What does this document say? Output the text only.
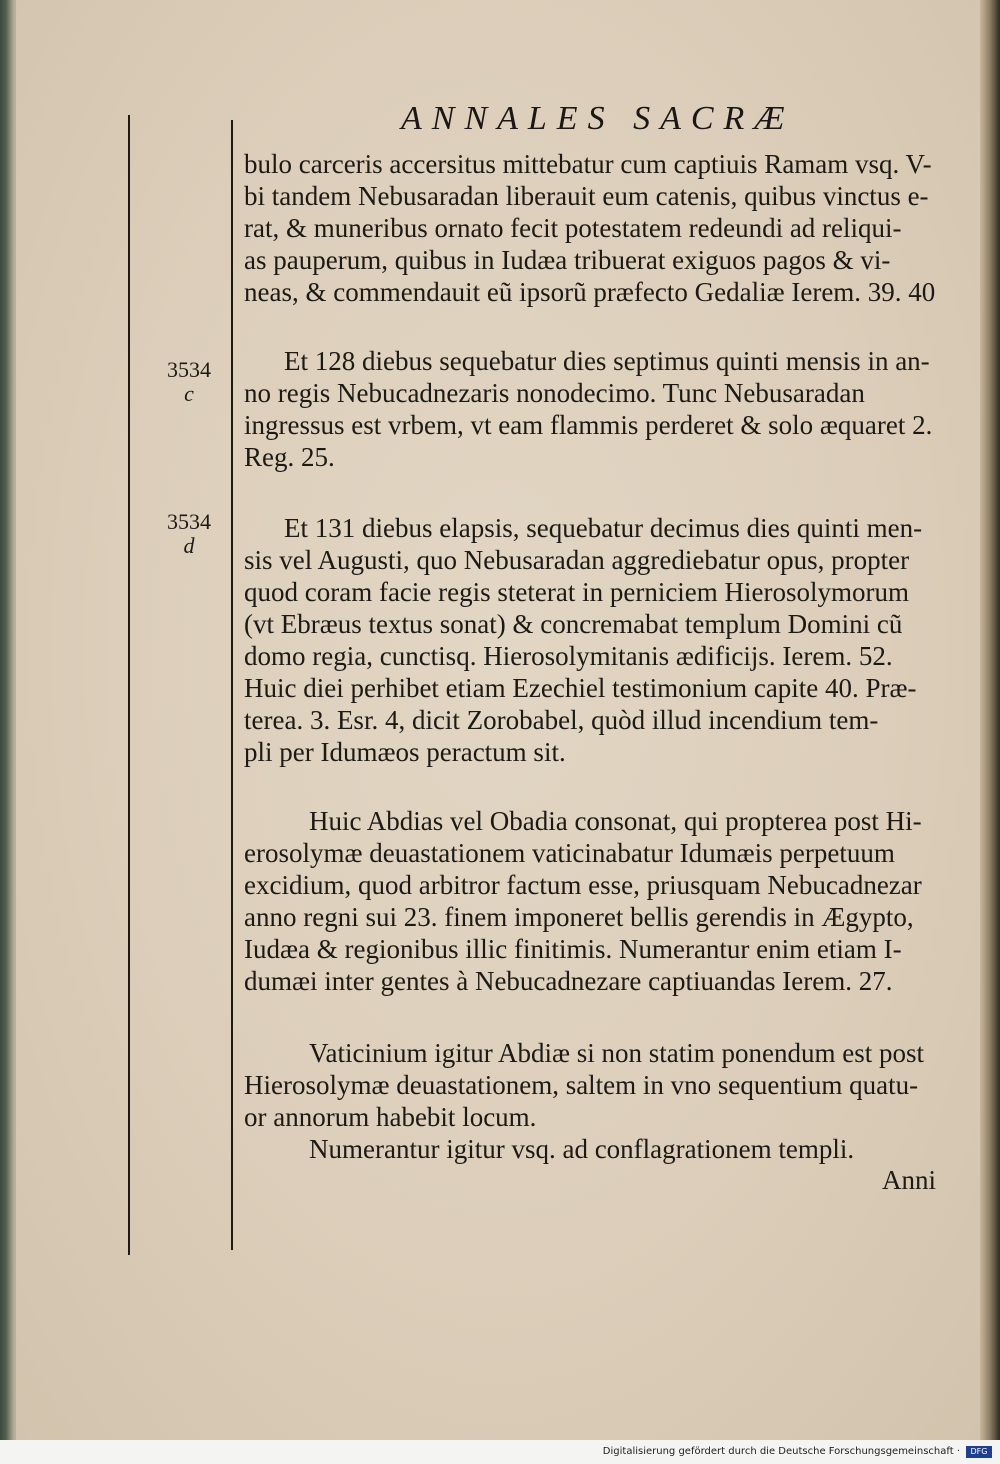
ANNALES SACRÆ
bulo carceris accersitus mittebatur cum captiuis Ramam vsq. V-
bi tandem Nebusaradan liberauit eum catenis, quibus vinctus e-
rat, & muneribus ornato fecit potestatem redeundi ad reliqui-
as pauperum, quibus in Iudæa tribuerat exiguos pagos & vi-
neas, & commendauit eũ ipsorũ præfecto Gedaliæ Ierem. 39. 40
3534
c
Et 128 diebus sequebatur dies septimus quinti mensis in an-
no regis Nebucadnezaris nonodecimo. Tunc Nebusaradan
ingressus est vrbem, vt eam flammis perderet & solo æquaret 2.
Reg. 25.
3534
d
Et 131 diebus elapsis, sequebatur decimus dies quinti men-
sis vel Augusti, quo Nebusaradan aggrediebatur opus, propter
quod coram facie regis steterat in perniciem Hierosolymorum
(vt Ebræus textus sonat) & concremabat templum Domini cũ
domo regia, cunctisq. Hierosolymitanis ædificijs. Ierem. 52.
Huic diei perhibet etiam Ezechiel testimonium capite 40. Præ-
terea. 3. Esr. 4, dicit Zorobabel, quòd illud incendium tem-
pli per Idumæos peractum sit.
Huic Abdias vel Obadia consonat, qui propterea post Hi-
erosolymæ deuastationem vaticinabatur Idumæis perpetuum
excidium, quod arbitror factum esse, priusquam Nebucadnezar
anno regni sui 23. finem imponeret bellis gerendis in Ægypto,
Iudæa & regionibus illic finitimis. Numerantur enim etiam I-
dumæi inter gentes à Nebucadnezare captiuandas Ierem. 27.
Vaticinium igitur Abdiæ si non statim ponendum est post
Hierosolymæ deuastationem, saltem in vno sequentium quatu-
or annorum habebit locum.
Numerantur igitur vsq. ad conflagrationem templi.
Anni
Digitalisierung gefördert durch die Deutsche Forschungsgemeinschaft ·	DFG
